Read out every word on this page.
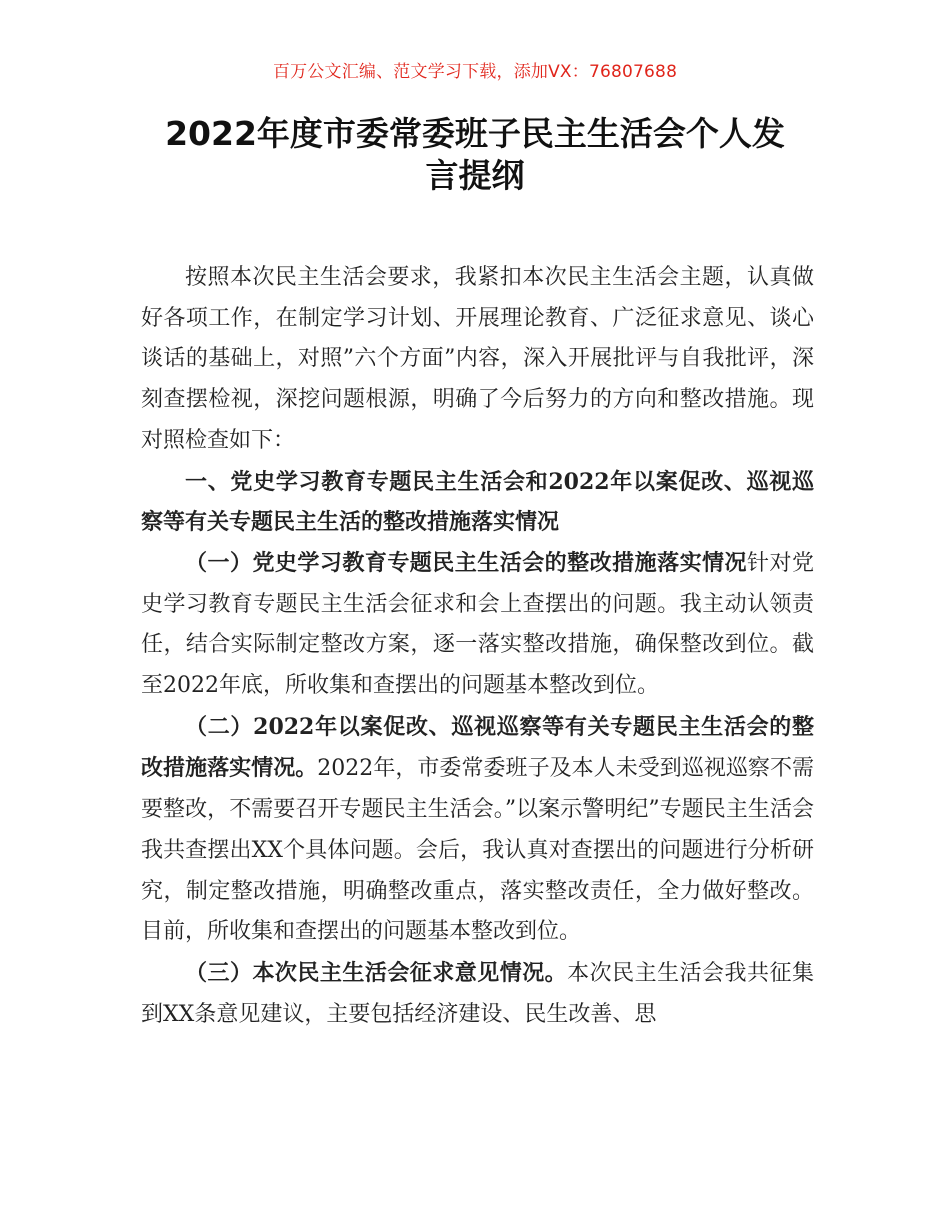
百万公文汇编、范文学习下载，添加VX：76807688
2022年度市委常委班子民主生活会个人发
言提纲

按照本次民主生活会要求，我紧扣本次民主生活会主题，认真做好各项工作，在制定学习计划、开展理论教育、广泛征求意见、谈心谈话的基础上，对照”六个方面”内容，深入开展批评与自我批评，深刻查摆检视，深挖问题根源，明确了今后努力的方向和整改措施。现对照检查如下：

一、党史学习教育专题民主生活会和2022年以案促改、巡视巡察等有关专题民主生活的整改措施落实情况

（一）党史学习教育专题民主生活会的整改措施落实情况针对党史学习教育专题民主生活会征求和会上查摆出的问题。我主动认领责任，结合实际制定整改方案，逐一落实整改措施，确保整改到位。截至2022年底，所收集和查摆出的问题基本整改到位。

（二）2022年以案促改、巡视巡察等有关专题民主生活会的整改措施落实情况。2022年，市委常委班子及本人未受到巡视巡察不需要整改，不需要召开专题民主生活会。”以案示警明纪”专题民主生活会我共查摆出XX个具体问题。会后，我认真对查摆出的问题进行分析研究，制定整改措施，明确整改重点，落实整改责任，全力做好整改。目前，所收集和查摆出的问题基本整改到位。

（三）本次民主生活会征求意见情况。本次民主生活会我共征集到XX条意见建议，主要包括经济建设、民生改善、思
